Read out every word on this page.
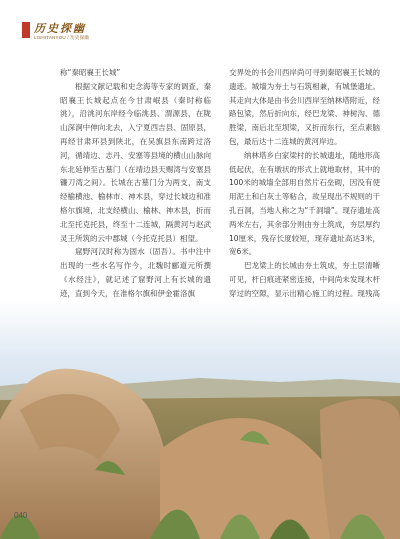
历史探幽
LISHITANYOU / 历史探幽

称“秦昭襄王长城”

根据文献记载和史念海等专家的调查，秦昭襄王长城起点在今甘肃岷县（秦时称临洮），沿洮河东岸经今临洮县、渭源县，在陇山深涧中伸向北去，入宁夏西吉县、固原县，再经甘肃环县到陕北，在吴旗县东南跨过洛河，循靖边、志丹、安塞等县境的横山山脉向东北延伸至古墓门（在靖边县天赐湾与安塞县镰刀湾之间）。长城在古墓门分为两支，南支经榆横池、榆林市、神木县，穿过长城边和准格尔旗境，北支经横山、榆林、神木县，折而北至托克托县，终至十二连城，隔黄河与赵武灵王所筑的云中郡城（今托克托县）相望。

窟野河汉时称为固水（固吾）。书中注中出现的一些水名写作今，北魏时郦道元所撰《水经注》，就记述了窟野河上有长城的遗迹，直到今天，在准格尔旗和伊金霍洛旗

交界处的书会川西岸尚可寻到秦昭襄王长城的遗迹。城墙为夯土与石筑相兼，有城堡遗址。其走向大体是由书会川西岸至纳林塔附近，经路包梁，然后折向东，经巴龙梁、神树沟、德胜梁，南后北至坝梁，又折而东行，至点素脑包，最后达十二连城的黄河岸边。

纳林塔乡白家梁村的长城遗址，随地形高低起伏，在有墩状的形式上就地取材，其中的100米的城墙全部用自然片石垒砌，因没有使用泥土和白灰土等粘合，故呈现出不规则的干孔百洞，当地人称之为“千洞墙”。现存遗址高两米左右，其余部分则由夯土筑成，夯层厚约10厘米，残存长度较短，现存遗址高达3米，宽6米。

巴龙梁上的长城由夯土筑成，夯土层清晰可见，杆臼痕迹紧密连接，中间尚未发现木杆穿过的空隙，显示出精心施工的过程。现残高

040
